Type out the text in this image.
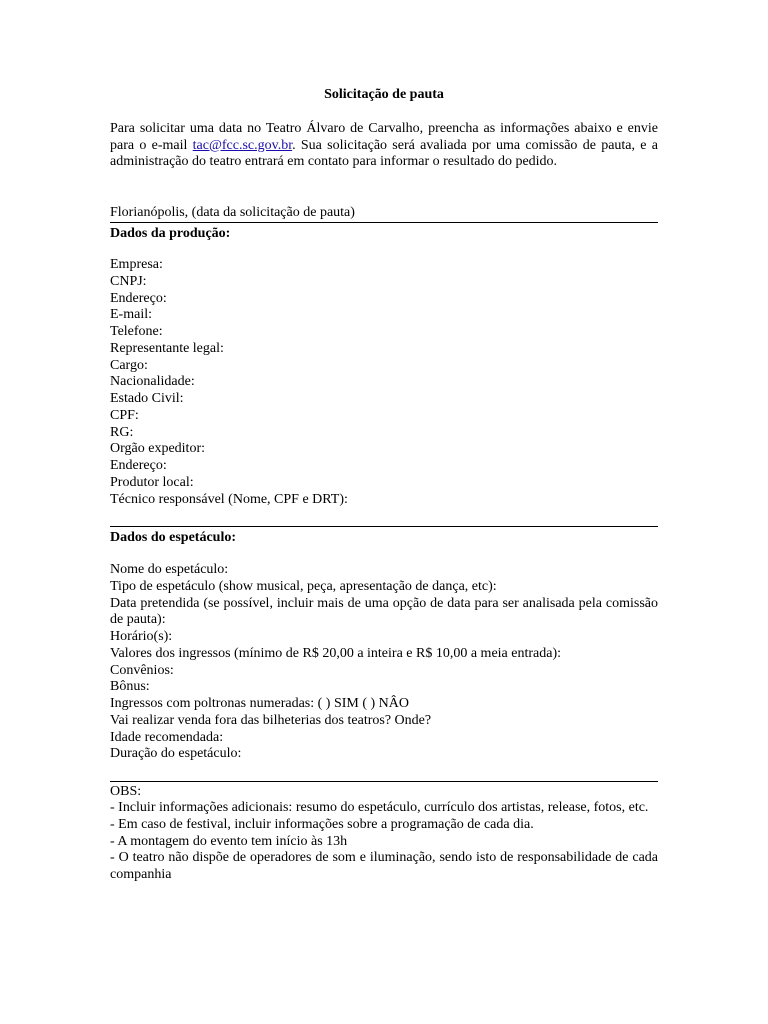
Solicitação de pauta
Para solicitar uma data no Teatro Álvaro de Carvalho, preencha as informações abaixo e envie para o e-mail tac@fcc.sc.gov.br. Sua solicitação será avaliada por uma comissão de pauta, e a administração do teatro entrará em contato para informar o resultado do pedido.
Florianópolis, (data da solicitação de pauta)
Dados da produção:
Empresa:
CNPJ:
Endereço:
E-mail:
Telefone:
Representante legal:
Cargo:
Nacionalidade:
Estado Civil:
CPF:
RG:
Orgão expeditor:
Endereço:
Produtor local:
Técnico responsável (Nome, CPF e DRT):
Dados do espetáculo:
Nome do espetáculo:
Tipo de espetáculo (show musical, peça, apresentação de dança, etc):
Data pretendida (se possível, incluir mais de uma opção de data para ser analisada pela comissão de pauta):
Horário(s):
Valores dos ingressos (mínimo de R$ 20,00 a inteira e R$ 10,00 a meia entrada):
Convênios:
Bônus:
Ingressos com poltronas numeradas: ( ) SIM ( ) NÂO
Vai realizar venda fora das bilheterias dos teatros? Onde?
Idade recomendada:
Duração do espetáculo:
OBS:
- Incluir informações adicionais: resumo do espetáculo, currículo dos artistas, release, fotos, etc.
- Em caso de festival, incluir informações sobre a programação de cada dia.
- A montagem do evento tem início às 13h
- O teatro não dispõe de operadores de som e iluminação, sendo isto de responsabilidade de cada companhia
